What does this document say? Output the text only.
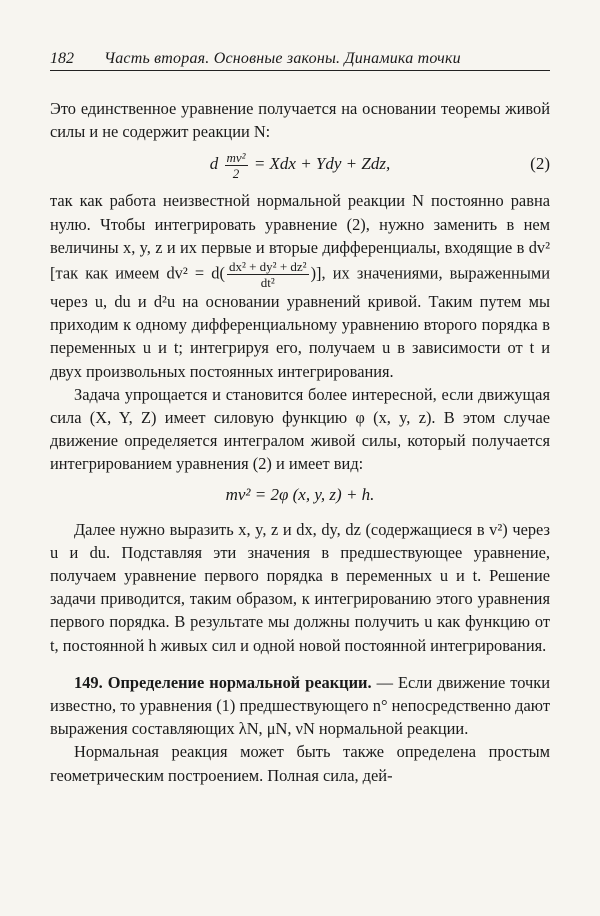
182 Часть вторая. Основные законы. Динамика точки

Это единственное уравнение получается на основании теоремы живой силы и не содержит реакции N:

d $\frac{\text{mv²}}{2}$ = Xdx + Ydy + Zdz,	(2)

так как работа неизвестной нормальной реакции N постоянно равна нулю. Чтобы интегрировать уравнение (2), нужно заменить в нем величины x, y, z и их первые и вторые дифференциалы, входящие в dv² [так как имеем $dv^2 = d( \frac{\text{dx² + dy² + dz²}}{\text{dt²}}$ )], их значениями, выраженными через u, du и d²u на основании уравнений кривой. Таким путем мы приходим к одному дифференциальному уравнению второго порядка в переменных u и t; интегрируя его, получаем u в зависимости от t и двух произвольных постоянных интегрирования.

Задача упрощается и становится более интересной, если движущая сила (X, Y, Z) имеет силовую функцию φ (x, y, z). В этом случае движение определяется интегралом живой силы, который получается интегрированием уравнения (2) и имеет вид:

mv² = 2φ (x, y, z) + h.

Далее нужно выразить x, y, z и dx, dy, dz (содержащиеся в v²) через u и du. Подставляя эти значения в предшествующее уравнение, получаем уравнение первого порядка в переменных u и t. Решение задачи приводится, таким образом, к интегрированию этого уравнения первого порядка. В результате мы должны получить u как функцию от t, постоянной h живых сил и одной новой постоянной интегрирования.

149. Определение нормальной реакции. — Если движение точки известно, то уравнения (1) предшествующего n° непосредственно дают выражения составляющих λN, μN, νN нормальной реакции.

Нормальная реакция может быть также определена простым геометрическим построением. Полная сила, дей-
